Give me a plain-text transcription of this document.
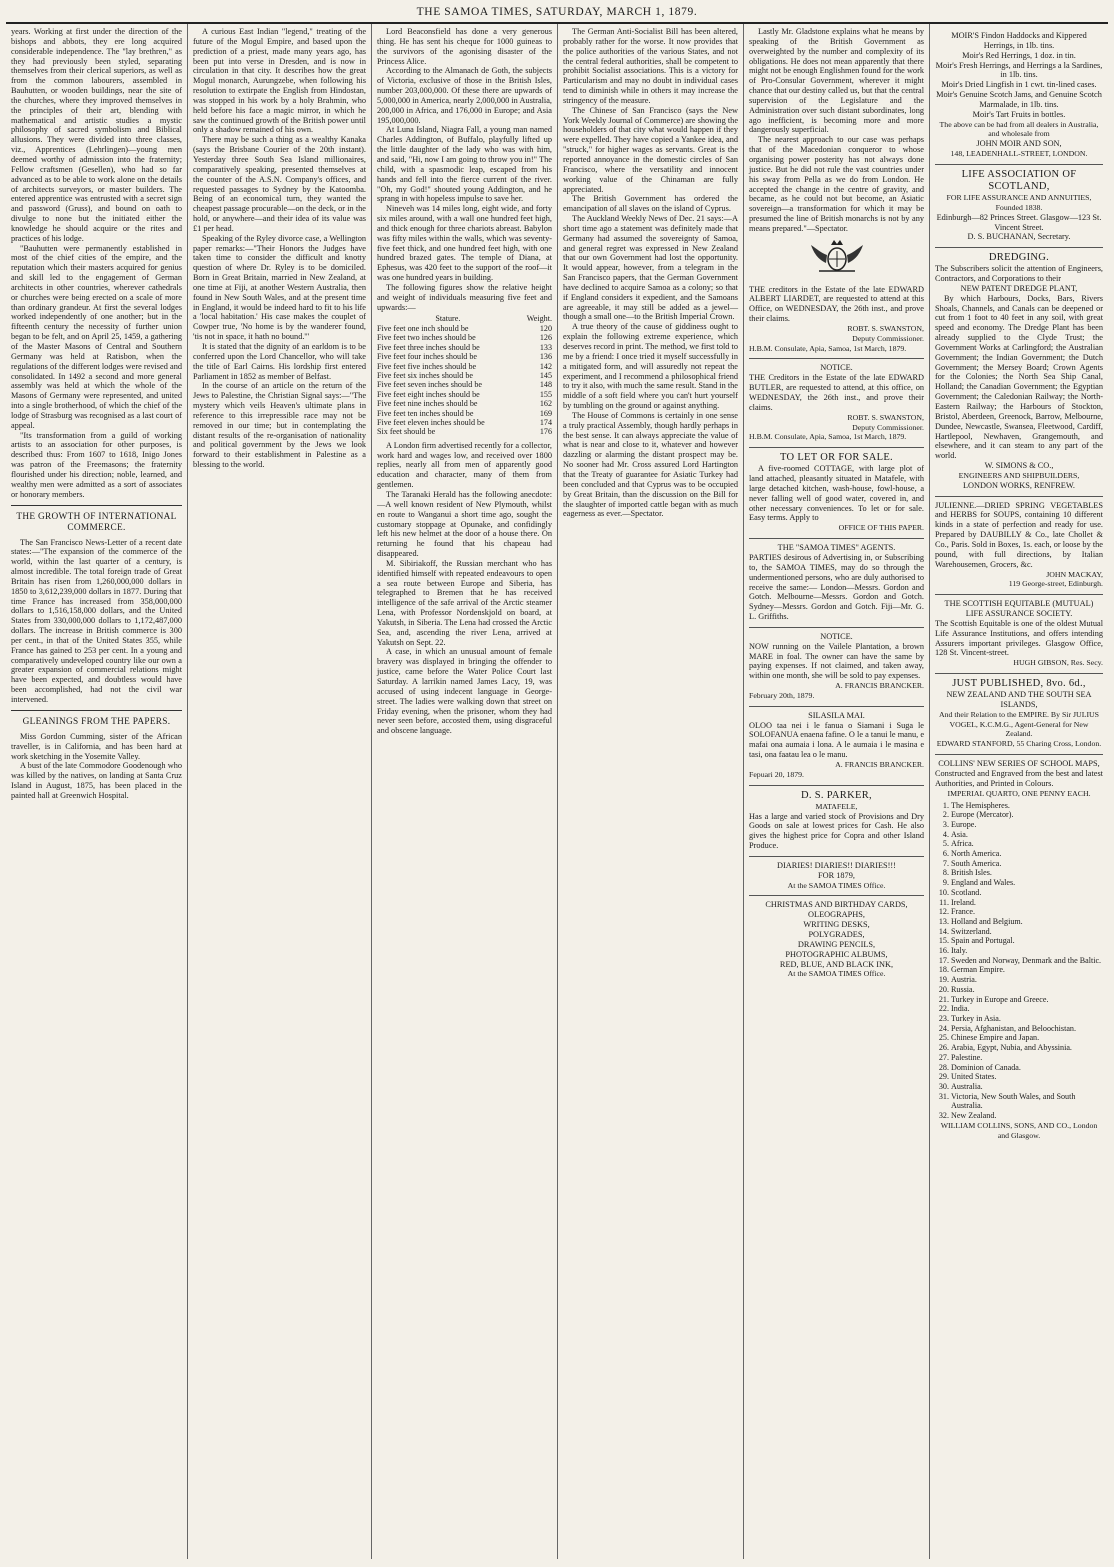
THE SAMOA TIMES, SATURDAY, MARCH 1, 1879.

years. Working at first under the direction of the bishops and abbots, they ere long acquired considerable independence. The "lay brethren," as they had previously been styled, separating themselves from their clerical superiors, as well as from the common labourers, assembled in Bauhutten, or wooden buildings, near the site of the churches, where they improved themselves in the principles of their art, blending with mathematical and artistic studies a mystic philosophy of sacred symbolism and Biblical allusions. They were divided into three classes, viz., Apprentices (Lehrlingen)—young men deemed worthy of admission into the fraternity; Fellow craftsmen (Gesellen), who had so far advanced as to be able to work alone on the details of architects surveyors, or master builders. The entered apprentice was entrusted with a secret sign and password (Gruss), and bound on oath to divulge to none but the initiated either the knowledge he should acquire or the rites and practices of his lodge.

"Bauhutten were permanently established in most of the chief cities of the empire, and the reputation which their masters acquired for genius and skill led to the engagement of German architects in other countries, wherever cathedrals or churches were being erected on a scale of more than ordinary grandeur. At first the several lodges worked independently of one another; but in the fifteenth century the necessity of further union began to be felt, and on April 25, 1459, a gathering of the Master Masons of Central and Southern Germany was held at Ratisbon, when the regulations of the different lodges were revised and consolidated. In 1492 a second and more general assembly was held at which the whole of the Masons of Germany were represented, and united into a single brotherhood, of which the chief of the lodge of Strasburg was recognised as a last court of appeal.

"Its transformation from a guild of working artists to an association for other purposes, is described thus: From 1607 to 1618, Inigo Jones was patron of the Freemasons; the fraternity flourished under his direction; noble, learned, and wealthy men were admitted as a sort of associates or honorary members.

THE GROWTH OF INTERNATIONAL COMMERCE.

The San Francisco News-Letter of a recent date states:—"The expansion of the commerce of the world, within the last quarter of a century, is almost incredible. The total foreign trade of Great Britain has risen from 1,260,000,000 dollars in 1850 to 3,612,239,000 dollars in 1877. During that time France has increased from 358,000,000 dollars to 1,516,158,000 dollars, and the United States from 330,000,000 dollars to 1,172,487,000 dollars. The increase in British commerce is 300 per cent., in that of the United States 355, while France has gained to 253 per cent. In a young and comparatively undeveloped country like our own a greater expansion of commercial relations might have been expected, and doubtless would have been accomplished, had not the civil war intervened.

GLEANINGS FROM THE PAPERS.

Miss Gordon Cumming, sister of the African traveller, is in California, and has been hard at work sketching in the Yosemite Valley.

A bust of the late Commodore Goodenough who was killed by the natives, on landing at Santa Cruz Island in August, 1875, has been placed in the painted hall at Greenwich Hospital.

A curious East Indian "legend," treating of the future of the Mogul Empire, and based upon the prediction of a priest, made many years ago, has been put into verse in Dresden, and is now in circulation in that city. It describes how the great Mogul monarch, Aurungzebe, when following his resolution to extirpate the English from Hindostan, was stopped in his work by a holy Brahmin, who held before his face a magic mirror, in which he saw the continued growth of the British power until only a shadow remained of his own.

There may be such a thing as a wealthy Kanaka (says the Brisbane Courier of the 20th instant). Yesterday three South Sea Island millionaires, comparatively speaking, presented themselves at the counter of the A.S.N. Company's offices, and requested passages to Sydney by the Katoomba. Being of an economical turn, they wanted the cheapest passage procurable—on the deck, or in the hold, or anywhere—and their idea of its value was £1 per head.

Speaking of the Ryley divorce case, a Wellington paper remarks:—"Their Honors the Judges have taken time to consider the difficult and knotty question of where Dr. Ryley is to be domiciled. Born in Great Britain, married in New Zealand, at one time at Fiji, at another Western Australia, then found in New South Wales, and at the present time in England, it would be indeed hard to fit to his life a 'local habitation.' His case makes the couplet of Cowper true, 'No home is by the wanderer found, 'tis not in space, it hath no bound.'"

It is stated that the dignity of an earldom is to be conferred upon the Lord Chancellor, who will take the title of Earl Cairns. His lordship first entered Parliament in 1852 as member of Belfast.

In the course of an article on the return of the Jews to Palestine, the Christian Signal says:—"The mystery which veils Heaven's ultimate plans in reference to this irrepressible race may not be removed in our time; but in contemplating the distant results of the re-organisation of nationality and political government by the Jews we look forward to their establishment in Palestine as a blessing to the world.

Lord Beaconsfield has done a very generous thing. He has sent his cheque for 1000 guineas to the survivors of the agonising disaster of the Princess Alice.

According to the Almanach de Goth, the subjects of Victoria, exclusive of those in the British Isles, number 203,000,000. Of these there are upwards of 5,000,000 in America, nearly 2,000,000 in Australia, 200,000 in Africa, and 176,000 in Europe; and Asia 195,000,000.

At Luna Island, Niagra Fall, a young man named Charles Addington, of Buffalo, playfully lifted up the little daughter of the lady who was with him, and said, "Hi, now I am going to throw you in!" The child, with a spasmodic leap, escaped from his hands and fell into the fierce current of the river. "Oh, my God!" shouted young Addington, and he sprang in with hopeless impulse to save her.

Nineveh was 14 miles long, eight wide, and forty six miles around, with a wall one hundred feet high, and thick enough for three chariots abreast. Babylon was fifty miles within the walls, which was seventy-five feet thick, and one hundred feet high, with one hundred brazed gates. The temple of Diana, at Ephesus, was 420 feet to the support of the roof—it was one hundred years in building.

The following figures show the relative height and weight of individuals measuring five feet and upwards:—

Stature.	Weight.
Five feet one inch should be	120
Five feet two inches should be	126
Five feet three inches should be	133
Five feet four inches should be	136
Five feet five inches should be	142
Five feet six inches should be	145
Five feet seven inches should be	148
Five feet eight inches should be	155
Five feet nine inches should be	162
Five feet ten inches should be	169
Five feet eleven inches should be	174
Six feet should be	176

A London firm advertised recently for a collector, work hard and wages low, and received over 1800 replies, nearly all from men of apparently good education and character, many of them from gentlemen.

The Taranaki Herald has the following anecdote:—A well known resident of New Plymouth, whilst en route to Wanganui a short time ago, sought the customary stoppage at Opunake, and confidingly left his new helmet at the door of a house there. On returning he found that his chapeau had disappeared.

M. Sibiriakoff, the Russian merchant who has identified himself with repeated endeavours to open a sea route between Europe and Siberia, has telegraphed to Bremen that he has received intelligence of the safe arrival of the Arctic steamer Lena, with Professor Nordenskjold on board, at Yakutsh, in Siberia. The Lena had crossed the Arctic Sea, and, ascending the river Lena, arrived at Yakutsh on Sept. 22.

A case, in which an unusual amount of female bravery was displayed in bringing the offender to justice, came before the Water Police Court last Saturday. A larrikin named James Lacy, 19, was accused of using indecent language in George-street. The ladies were walking down that street on Friday evening, when the prisoner, whom they had never seen before, accosted them, using disgraceful and obscene language.

The German Anti-Socialist Bill has been altered, probably rather for the worse. It now provides that the police authorities of the various States, and not the central federal authorities, shall be competent to prohibit Socialist associations. This is a victory for Particularism and may no doubt in individual cases tend to diminish while in others it may increase the stringency of the measure.

The Chinese of San Francisco (says the New York Weekly Journal of Commerce) are showing the householders of that city what would happen if they were expelled. They have copied a Yankee idea, and "struck," for higher wages as servants. Great is the reported annoyance in the domestic circles of San Francisco, where the versatility and innocent working value of the Chinaman are fully appreciated.

The British Government has ordered the emancipation of all slaves on the island of Cyprus.

The Auckland Weekly News of Dec. 21 says:—A short time ago a statement was definitely made that Germany had assumed the sovereignty of Samoa, and general regret was expressed in New Zealand that our own Government had lost the opportunity. It would appear, however, from a telegram in the San Francisco papers, that the German Government have declined to acquire Samoa as a colony; so that if England considers it expedient, and the Samoans are agreeable, it may still be added as a jewel—though a small one—to the British Imperial Crown.

A true theory of the cause of giddiness ought to explain the following extreme experience, which deserves record in print. The method, we first told to me by a friend: I once tried it myself successfully in a mitigated form, and will assuredly not repeat the experiment, and I recommend a philosophical friend to try it also, with much the same result. Stand in the middle of a soft field where you can't hurt yourself by tumbling on the ground or against anything.

The House of Commons is certainly in one sense a truly practical Assembly, though hardly perhaps in the best sense. It can always appreciate the value of what is near and close to it, whatever and however dazzling or alarming the distant prospect may be. No sooner had Mr. Cross assured Lord Hartington that the Treaty of guarantee for Asiatic Turkey had been concluded and that Cyprus was to be occupied by Great Britain, than the discussion on the Bill for the slaughter of imported cattle began with as much eagerness as ever.—Spectator.

Lastly Mr. Gladstone explains what he means by speaking of the British Government as overweighted by the number and complexity of its obligations. He does not mean apparently that there might not be enough Englishmen found for the work of Pro-Consular Government, wherever it might chance that our destiny called us, but that the central supervision of the Legislature and the Administration over such distant subordinates, long ago inefficient, is becoming more and more dangerously superficial.

The nearest approach to our case was perhaps that of the Macedonian conqueror to whose organising power posterity has not always done justice. But he did not rule the vast countries under his sway from Pella as we do from London. He accepted the change in the centre of gravity, and became, as he could not but become, an Asiatic sovereign—a transformation for which it may be presumed the line of British monarchs is not by any means prepared."—Spectator.

THE creditors in the Estate of the late EDWARD ALBERT LIARDET, are requested to attend at this Office, on WEDNESDAY, the 26th inst., and prove their claims.

ROBT. S. SWANSTON,
Deputy Commissioner.
H.B.M. Consulate, Apia, Samoa, 1st March, 1879.
NOTICE.

THE Creditors in the Estate of the late EDWARD BUTLER, are requested to attend, at this office, on WEDNESDAY, the 26th inst., and prove their claims.

ROBT. S. SWANSTON,
Deputy Commissioner.
H.B.M. Consulate, Apia, Samoa, 1st March, 1879.
TO LET OR FOR SALE.

A five-roomed COTTAGE, with large plot of land attached, pleasantly situated in Matafele, with large detached kitchen, wash-house, fowl-house, a never falling well of good water, covered in, and other necessary conveniences. To let or for sale. Easy terms. Apply to

OFFICE OF THIS PAPER.
THE "SAMOA TIMES" AGENTS.

PARTIES desirous of Advertising in, or Subscribing to, the SAMOA TIMES, may do so through the undermentioned persons, who are duly authorised to receive the same:— London—Messrs. Gordon and Gotch. Melbourne—Messrs. Gordon and Gotch. Sydney—Messrs. Gordon and Gotch. Fiji—Mr. G. L. Griffiths.

NOTICE.

NOW running on the Vailele Plantation, a brown MARE in foal. The owner can have the same by paying expenses. If not claimed, and taken away, within one month, she will be sold to pay expenses.

A. FRANCIS BRANCKER.
February 20th, 1879.
SILASILA MAI.

OLOO taa nei i le fanua o Siamani i Suga le SOLOFANUA enaena fafine. O le a tanui le manu, e mafai ona aumaia i lona. A le aumaia i le masina e tasi, ona faatau lea o le manu.

A. FRANCIS BRANCKER.
Fepuari 20, 1879.
D. S. PARKER,
MATAFELE,

Has a large and varied stock of Provisions and Dry Goods on sale at lowest prices for Cash. He also gives the highest price for Copra and other Island Produce.

DIARIES! DIARIES!! DIARIES!!!
FOR 1879,
At the SAMOA TIMES Office.
CHRISTMAS AND BIRTHDAY CARDS,
OLEOGRAPHS,
WRITING DESKS,
POLYGRADES,
DRAWING PENCILS,
PHOTOGRAPHIC ALBUMS,
RED, BLUE, AND BLACK INK,
At the SAMOA TIMES Office.
MOIR'S Findon Haddocks and Kippered Herrings, in 1lb. tins.
Moir's Red Herrings, 1 doz. in tin.
Moir's Fresh Herrings, and Herrings a la Sardines, in 1lb. tins.
Moir's Dried Lingfish in 1 cwt. tin-lined cases.
Moir's Genuine Scotch Jams, and Genuine Scotch Marmalade, in 1lb. tins.
Moir's Tart Fruits in bottles.
The above can be had from all dealers in Australia, and wholesale from
JOHN MOIR AND SON,
148, LEADENHALL-STREET, LONDON.
LIFE ASSOCIATION OF SCOTLAND,
FOR LIFE ASSURANCE AND ANNUITIES, Founded 1838.
Edinburgh—82 Princes Street. Glasgow—123 St. Vincent Street.
D. S. BUCHANAN, Secretary.
DREDGING.

The Subscribers solicit the attention of Engineers, Contractors, and Corporations to their

NEW PATENT DREDGE PLANT,

By which Harbours, Docks, Bars, Rivers Shoals, Channels, and Canals can be deepened or cut from 1 foot to 40 feet in any soil, with great speed and economy. The Dredge Plant has been already supplied to the Clyde Trust; the Government Works at Carlingford; the Australian Government; the Indian Government; the Dutch Government; the Mersey Board; Crown Agents for the Colonies; the North Sea Ship Canal, Holland; the Canadian Government; the Egyptian Government; the Caledonian Railway; the North-Eastern Railway; the Harbours of Stockton, Bristol, Aberdeen, Greenock, Barrow, Melbourne, Dundee, Newcastle, Swansea, Fleetwood, Cardiff, Hartlepool, Newhaven, Grangemouth, and elsewhere, and it can steam to any part of the world.

W. SIMONS & CO.,
ENGINEERS AND SHIPBUILDERS,
LONDON WORKS, RENFREW.

JULIENNE.—DRIED SPRING VEGETABLES and HERBS for SOUPS, containing 10 different kinds in a state of perfection and ready for use. Prepared by DAUBILLY & Co., late Chollet & Co., Paris. Sold in Boxes, 1s. each, or loose by the pound, with full directions, by Italian Warehousemen, Grocers, &c.

JOHN MACKAY,
119 George-street, Edinburgh.
THE SCOTTISH EQUITABLE (MUTUAL) LIFE ASSURANCE SOCIETY.

The Scottish Equitable is one of the oldest Mutual Life Assurance Institutions, and offers intending Assurers important privileges. Glasgow Office, 128 St. Vincent-street.

HUGH GIBSON, Res. Secy.
JUST PUBLISHED, 8vo. 6d.,
NEW ZEALAND AND THE SOUTH SEA ISLANDS,
And their Relation to the EMPIRE. By Sir JULIUS VOGEL, K.C.M.G., Agent-General for New Zealand.
EDWARD STANFORD, 55 Charing Cross, London.
COLLINS' NEW SERIES OF SCHOOL MAPS,

Constructed and Engraved from the best and latest Authorities, and Printed in Colours.

IMPERIAL QUARTO, ONE PENNY EACH.
1. The Hemispheres.
2. Europe (Mercator).
3. Europe.
4. Asia.
5. Africa.
6. North America.
7. South America.
8. British Isles.
9. England and Wales.
10. Scotland.
11. Ireland.
12. France.
13. Holland and Belgium.
14. Switzerland.
15. Spain and Portugal.
16. Italy.
17. Sweden and Norway, Denmark and the Baltic.
18. German Empire.
19. Austria.
20. Russia.
21. Turkey in Europe and Greece.
22. India.
23. Turkey in Asia.
24. Persia, Afghanistan, and Beloochistan.
25. Chinese Empire and Japan.
26. Arabia, Egypt, Nubia, and Abyssinia.
27. Palestine.
28. Dominion of Canada.
29. United States.
30. Australia.
31. Victoria, New South Wales, and South Australia.
32. New Zealand.
WILLIAM COLLINS, SONS, AND CO., London and Glasgow.
